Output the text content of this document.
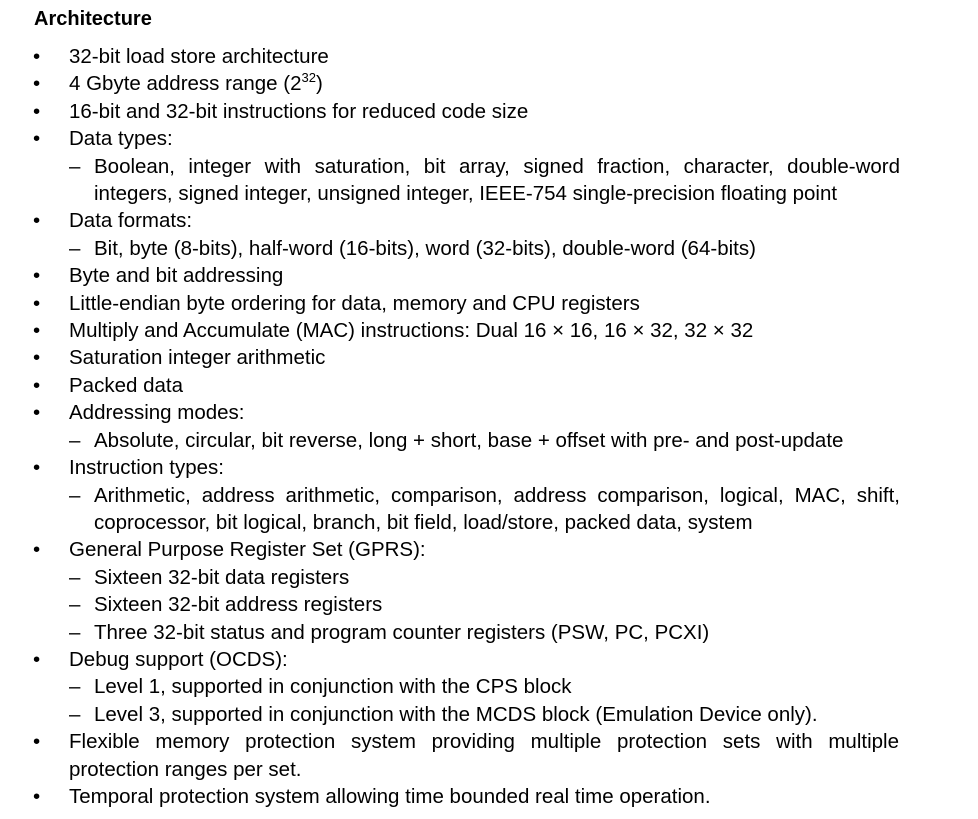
Architecture
• 32-bit load store architecture
• 4 Gbyte address range $(2^{32})$
• 16-bit and 32-bit instructions for reduced code size
• Data types:
– Boolean, integer with saturation, bit array, signed fraction, character, double-word integers, signed integer, unsigned integer, IEEE-754 single-precision floating point
• Data formats:
– Bit, byte (8-bits), half-word (16-bits), word (32-bits), double-word (64-bits)
• Byte and bit addressing
• Little-endian byte ordering for data, memory and CPU registers
• Multiply and Accumulate (MAC) instructions: Dual 16 × 16, 16 × 32, 32 × 32
• Saturation integer arithmetic
• Packed data
• Addressing modes:
– Absolute, circular, bit reverse, long + short, base + offset with pre- and post-update
• Instruction types:
– Arithmetic, address arithmetic, comparison, address comparison, logical, MAC, shift, coprocessor, bit logical, branch, bit field, load/store, packed data, system
• General Purpose Register Set (GPRS):
– Sixteen 32-bit data registers
– Sixteen 32-bit address registers
– Three 32-bit status and program counter registers (PSW, PC, PCXI)
• Debug support (OCDS):
– Level 1, supported in conjunction with the CPS block
– Level 3, supported in conjunction with the MCDS block (Emulation Device only).
• Flexible memory protection system providing multiple protection sets with multiple protection ranges per set.
• Temporal protection system allowing time bounded real time operation.
